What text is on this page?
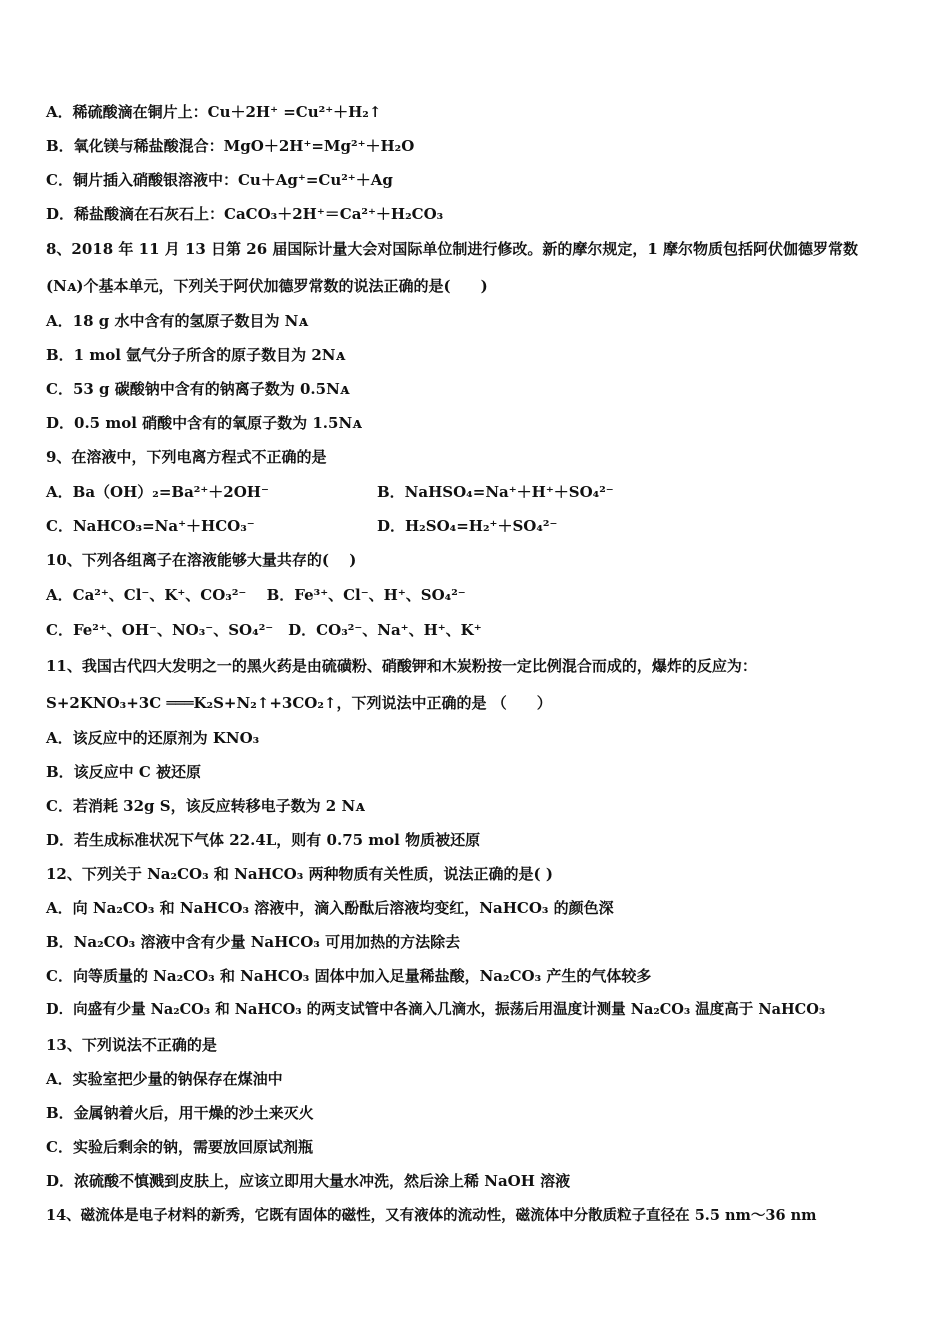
A．稀硫酸滴在铜片上：Cu＋2H⁺ =Cu²⁺＋H₂↑
B．氧化镁与稀盐酸混合：MgO＋2H⁺=Mg²⁺＋H₂O
C．铜片插入硝酸银溶液中：Cu＋Ag⁺=Cu²⁺＋Ag
D．稀盐酸滴在石灰石上：CaCO₃＋2H⁺＝Ca²⁺＋H₂CO₃
8、2018 年 11 月 13 日第 26 届国际计量大会对国际单位制进行修改。新的摩尔规定，1 摩尔物质包括阿伏伽德罗常数
(Nᴀ)个基本单元，下列关于阿伏加德罗常数的说法正确的是(　　)
A．18 g 水中含有的氢原子数目为 Nᴀ
B．1 mol 氩气分子所含的原子数目为 2Nᴀ
C．53 g 碳酸钠中含有的钠离子数为 0.5Nᴀ
D．0.5 mol 硝酸中含有的氧原子数为 1.5Nᴀ
9、在溶液中，下列电离方程式不正确的是
A．Ba（OH）₂=Ba²⁺＋2OH⁻	B．NaHSO₄=Na⁺＋H⁺＋SO₄²⁻
C．NaHCO₃=Na⁺＋HCO₃⁻	D．H₂SO₄=H₂⁺＋SO₄²⁻
10、下列各组离子在溶液能够大量共存的(　 )
A．Ca²⁺、Cl⁻、K⁺、CO₃²⁻　 B．Fe³⁺、Cl⁻、H⁺、SO₄²⁻
C．Fe²⁺、OH⁻、NO₃⁻、SO₄²⁻　D．CO₃²⁻、Na⁺、H⁺、K⁺
11、我国古代四大发明之一的黑火药是由硫磺粉、硝酸钾和木炭粉按一定比例混合而成的，爆炸的反应为：
S+2KNO₃+3C ═══K₂S+N₂↑+3CO₂↑，下列说法中正确的是 （　　）
A．该反应中的还原剂为 KNO₃
B．该反应中 C 被还原
C．若消耗 32g S，该反应转移电子数为 2 Nᴀ
D．若生成标准状况下气体 22.4L，则有 0.75 mol 物质被还原
12、下列关于 Na₂CO₃ 和 NaHCO₃ 两种物质有关性质，说法正确的是( )
A．向 Na₂CO₃ 和 NaHCO₃ 溶液中，滴入酚酞后溶液均变红，NaHCO₃ 的颜色深
B．Na₂CO₃ 溶液中含有少量 NaHCO₃ 可用加热的方法除去
C．向等质量的 Na₂CO₃ 和 NaHCO₃ 固体中加入足量稀盐酸，Na₂CO₃ 产生的气体较多
D．向盛有少量 Na₂CO₃ 和 NaHCO₃ 的两支试管中各滴入几滴水，振荡后用温度计测量 Na₂CO₃ 温度高于 NaHCO₃
13、下列说法不正确的是
A．实验室把少量的钠保存在煤油中
B．金属钠着火后，用干燥的沙土来灭火
C．实验后剩余的钠，需要放回原试剂瓶
D．浓硫酸不慎溅到皮肤上，应该立即用大量水冲洗，然后涂上稀 NaOH 溶液
14、磁流体是电子材料的新秀，它既有固体的磁性，又有液体的流动性，磁流体中分散质粒子直径在 5.5 nm～36 nm
